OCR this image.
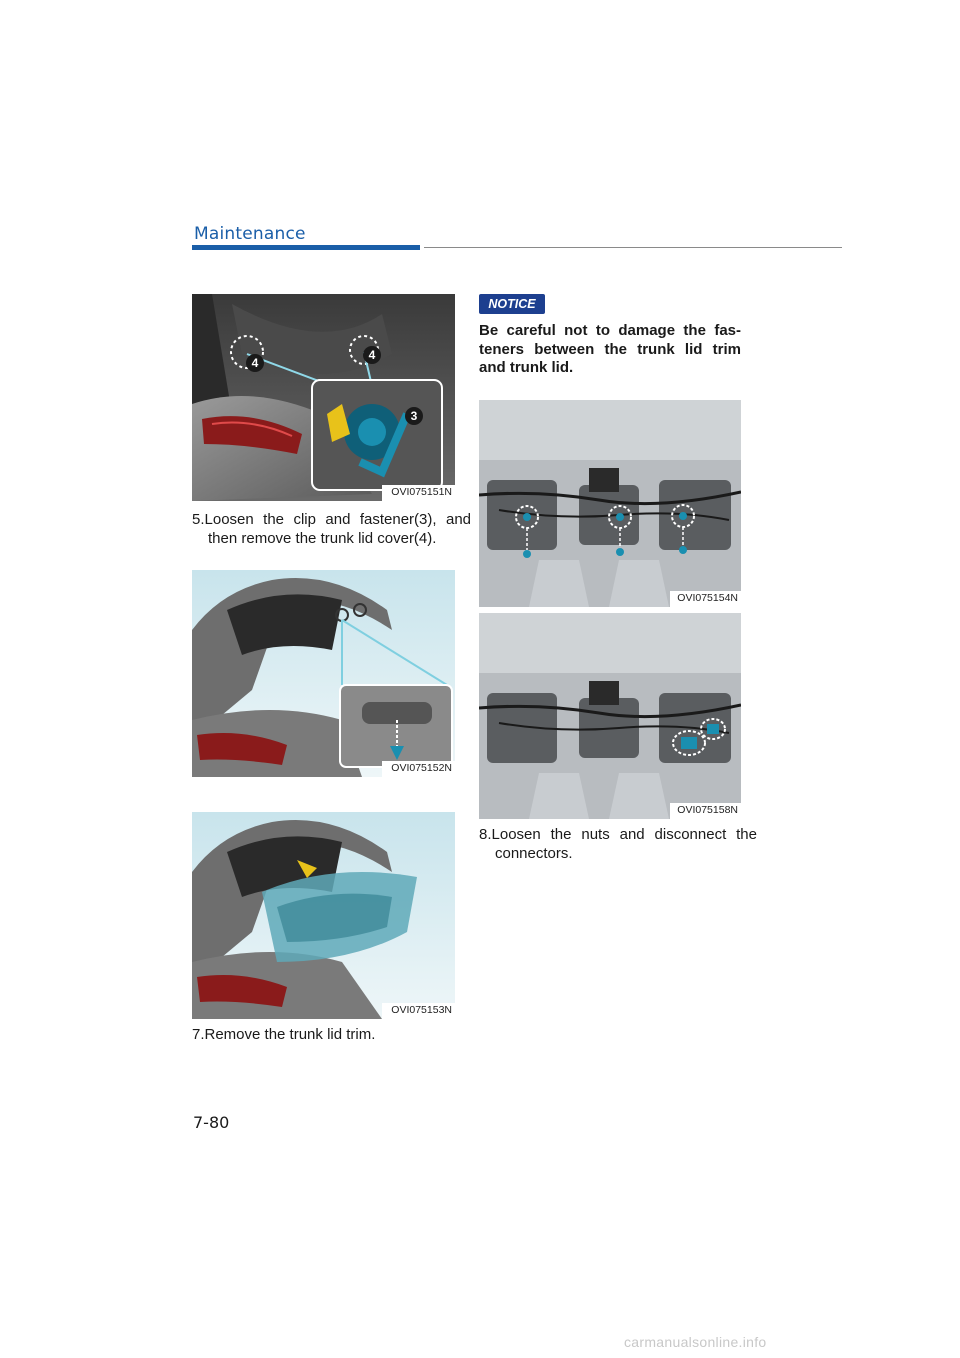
Maintenance
4
4
3
OVI075151N
5.Loosen the clip and fastener(3), and then remove the trunk lid cover(4).
OVI075152N
OVI075153N
7.Remove the trunk lid trim.
NOTICE
Be careful not to damage the fas-teners between the trunk lid trim and trunk lid.
OVI075154N
OVI075158N
8.Loosen the nuts and disconnect the connectors.
7-80
carmanualsonline.info
